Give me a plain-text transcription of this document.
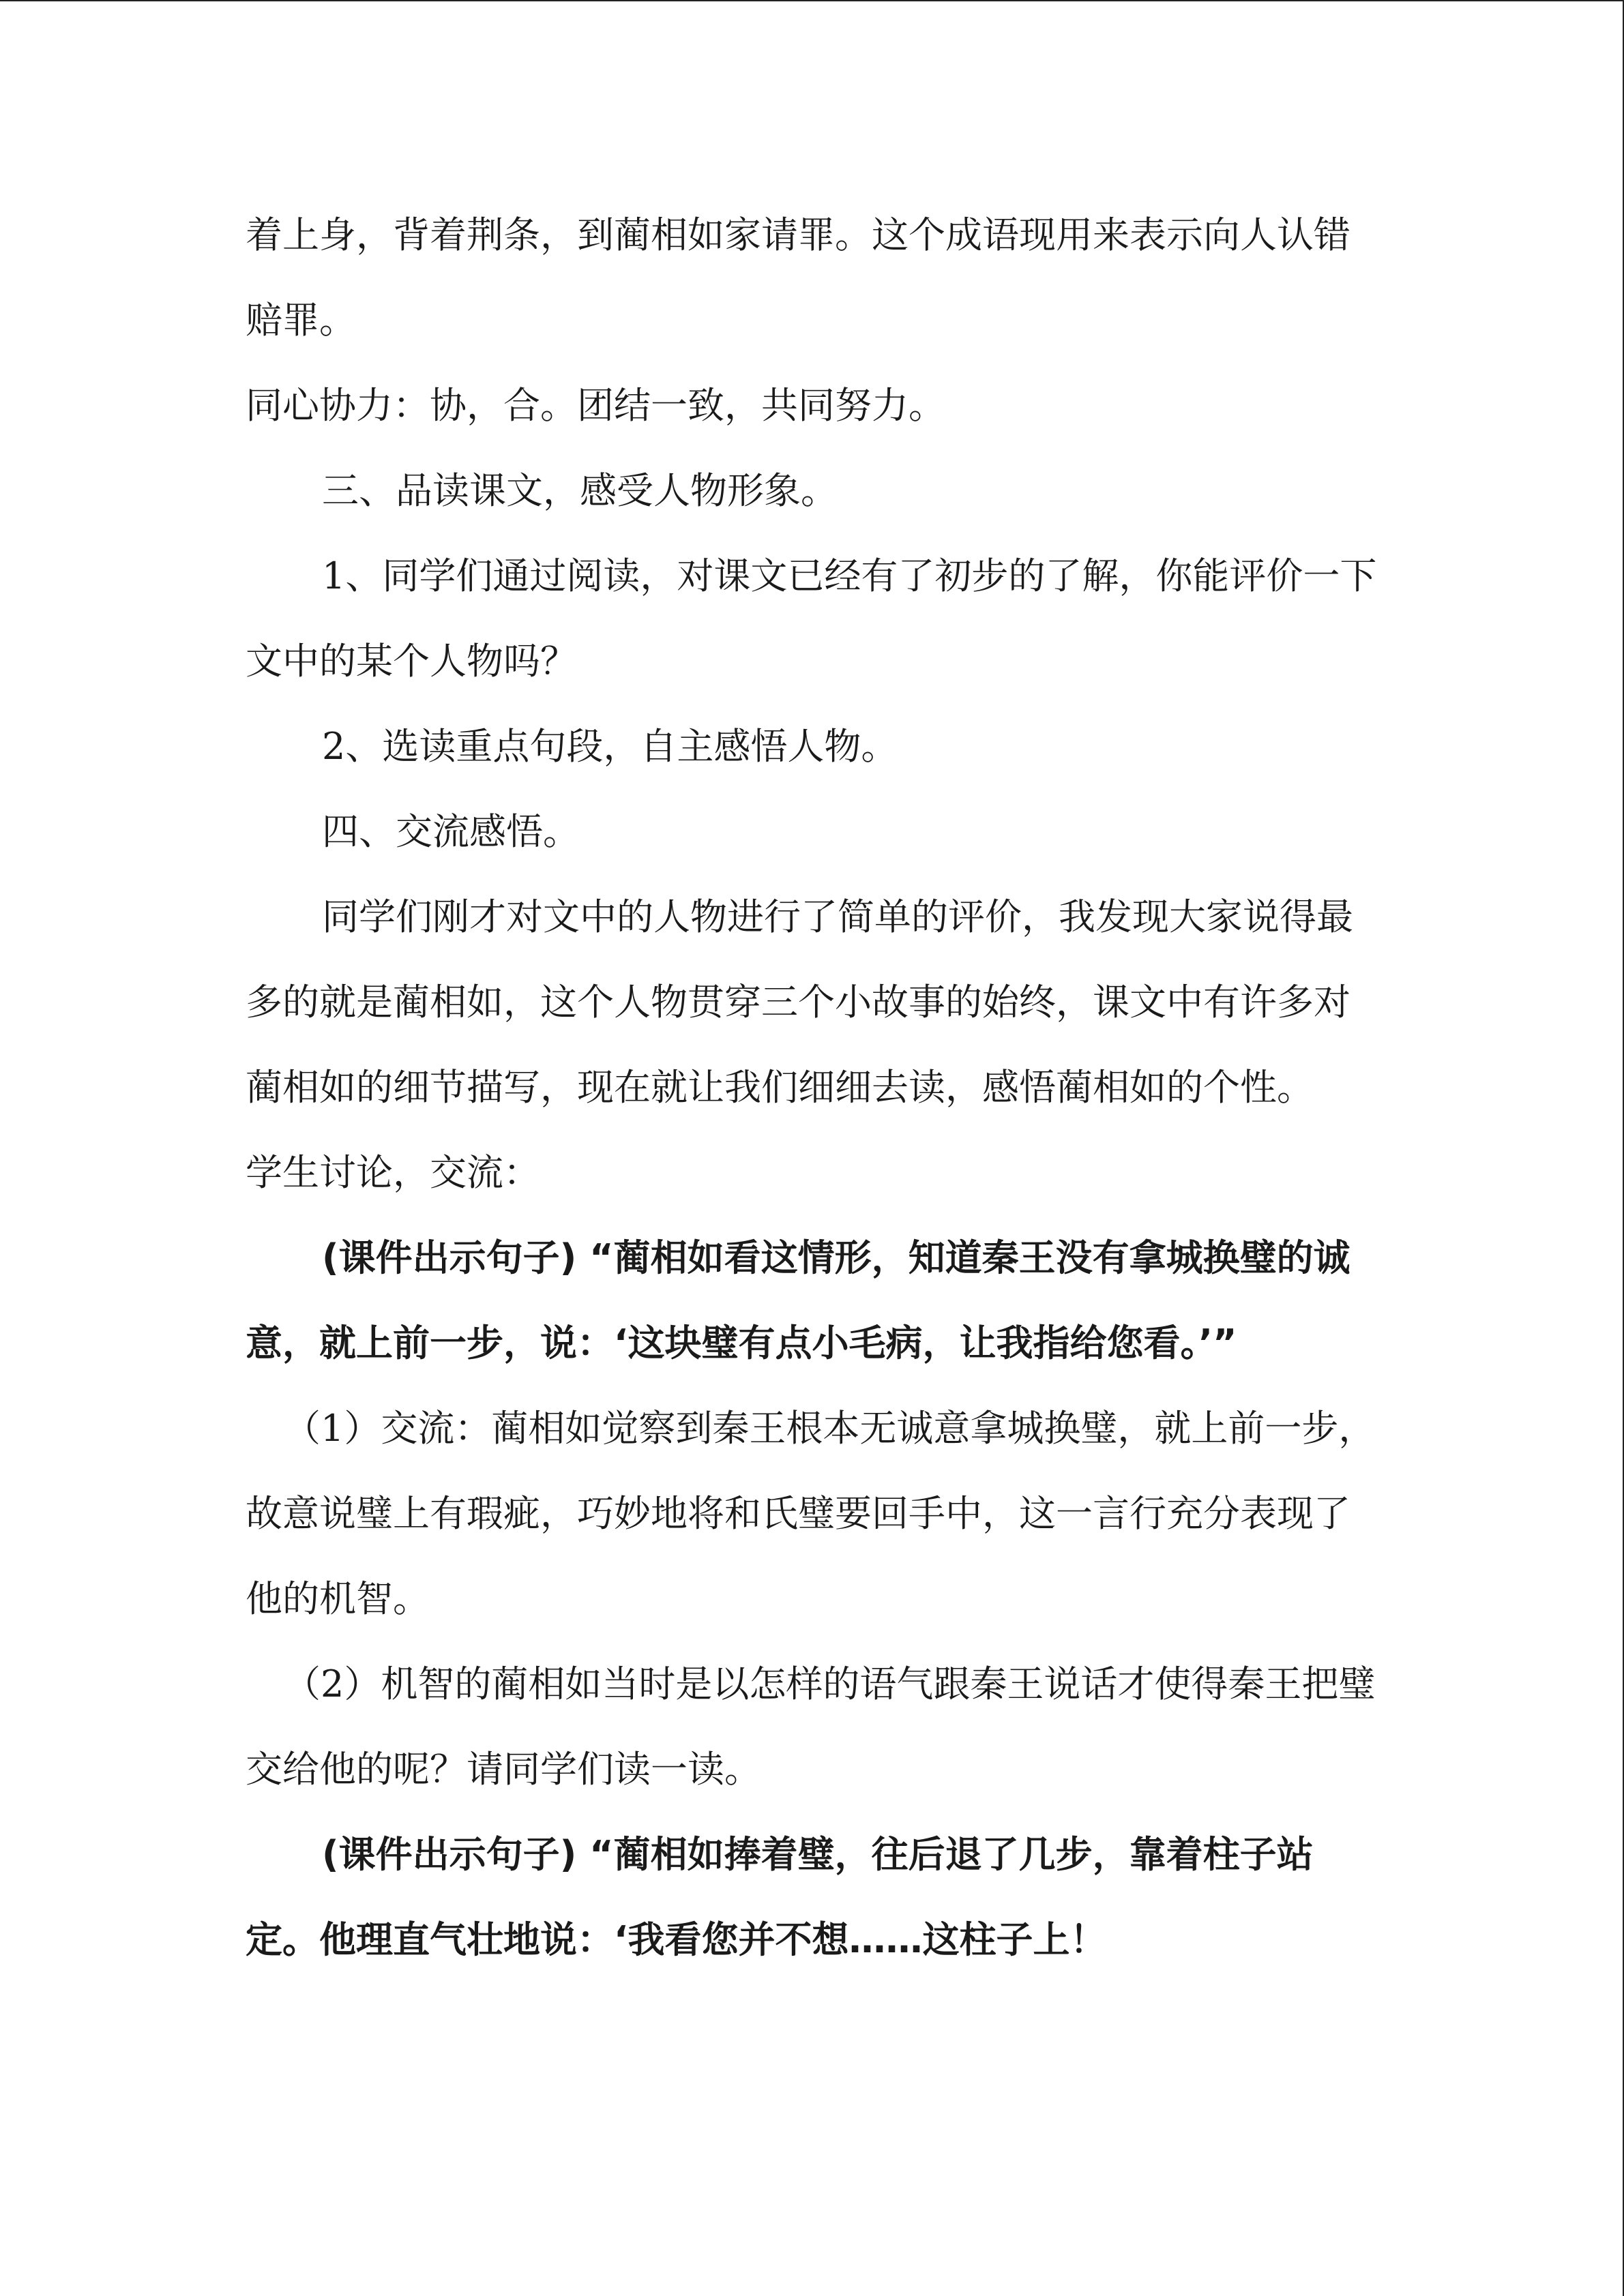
着上身，背着荆条，到蔺相如家请罪。这个成语现用来表示向人认错赔罪。

同心协力：协，合。团结一致，共同努力。

三、品读课文，感受人物形象。

1、同学们通过阅读，对课文已经有了初步的了解，你能评价一下文中的某个人物吗？

2、选读重点句段，自主感悟人物。

四、交流感悟。

同学们刚才对文中的人物进行了简单的评价，我发现大家说得最多的就是蔺相如，这个人物贯穿三个小故事的始终，课文中有许多对蔺相如的细节描写，现在就让我们细细去读，感悟蔺相如的个性。

学生讨论，交流：

(课件出示句子) “蔺相如看这情形，知道秦王没有拿城换璧的诚意，就上前一步，说：‘这块璧有点小毛病，让我指给您看。’”

（1）交流：蔺相如觉察到秦王根本无诚意拿城换璧，就上前一步，故意说璧上有瑕疵，巧妙地将和氏璧要回手中，这一言行充分表现了他的机智。

（2）机智的蔺相如当时是以怎样的语气跟秦王说话才使得秦王把璧交给他的呢？请同学们读一读。

(课件出示句子) “蔺相如捧着璧，往后退了几步，靠着柱子站定。他理直气壮地说：‘我看您并不想……这柱子上！
